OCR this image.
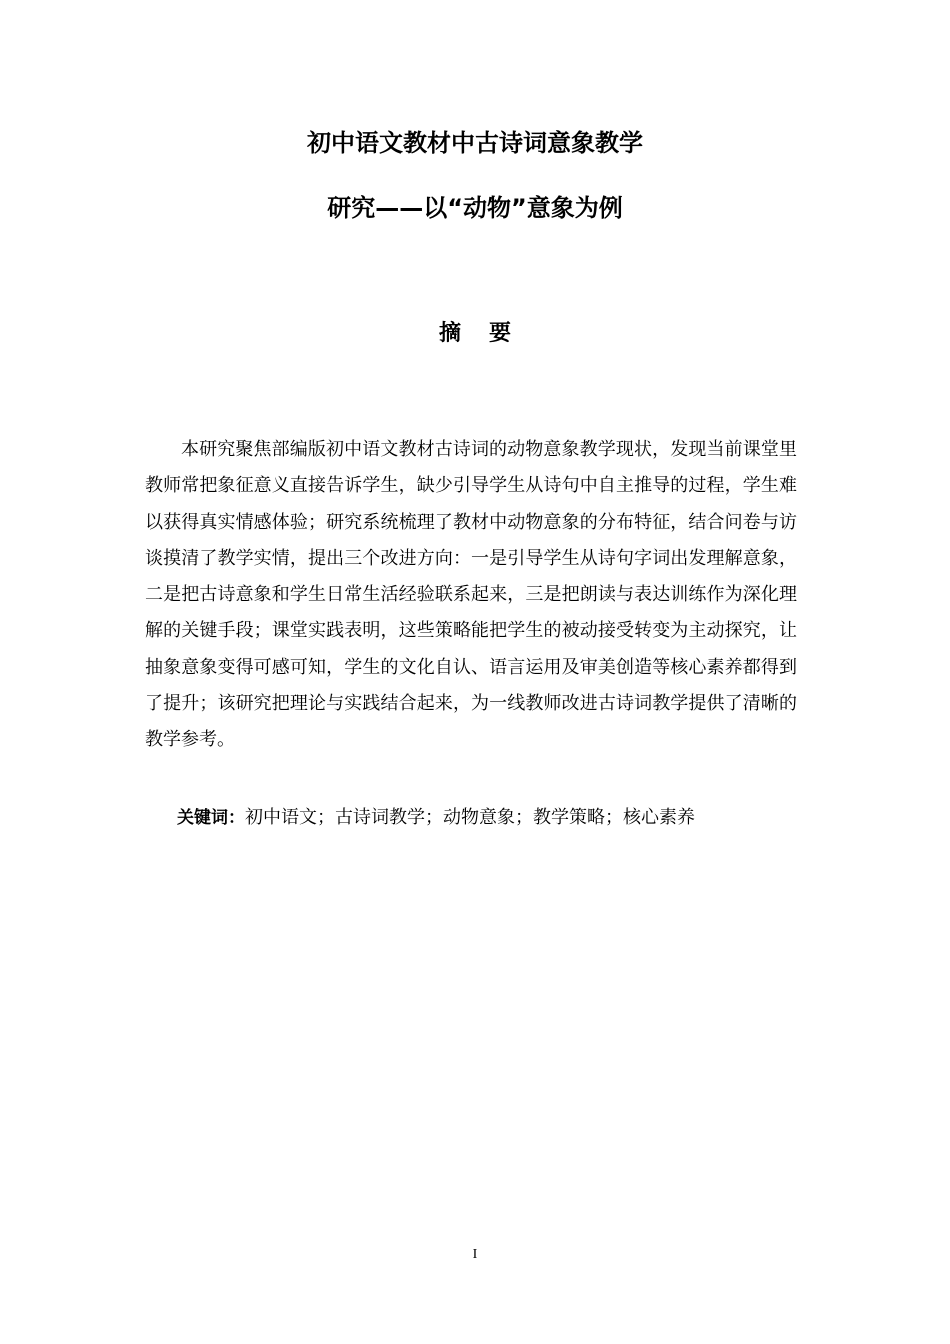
初中语文教材中古诗词意象教学
研究——以“动物”意象为例
摘要

本研究聚焦部编版初中语文教材古诗词的动物意象教学现状，发现当前课堂里教师常把象征意义直接告诉学生，缺少引导学生从诗句中自主推导的过程，学生难以获得真实情感体验；研究系统梳理了教材中动物意象的分布特征，结合问卷与访谈摸清了教学实情，提出三个改进方向：一是引导学生从诗句字词出发理解意象，二是把古诗意象和学生日常生活经验联系起来，三是把朗读与表达训练作为深化理解的关键手段；课堂实践表明，这些策略能把学生的被动接受转变为主动探究，让抽象意象变得可感可知，学生的文化自认、语言运用及审美创造等核心素养都得到了提升；该研究把理论与实践结合起来，为一线教师改进古诗词教学提供了清晰的教学参考。

关键词：初中语文；古诗词教学；动物意象；教学策略；核心素养
I
